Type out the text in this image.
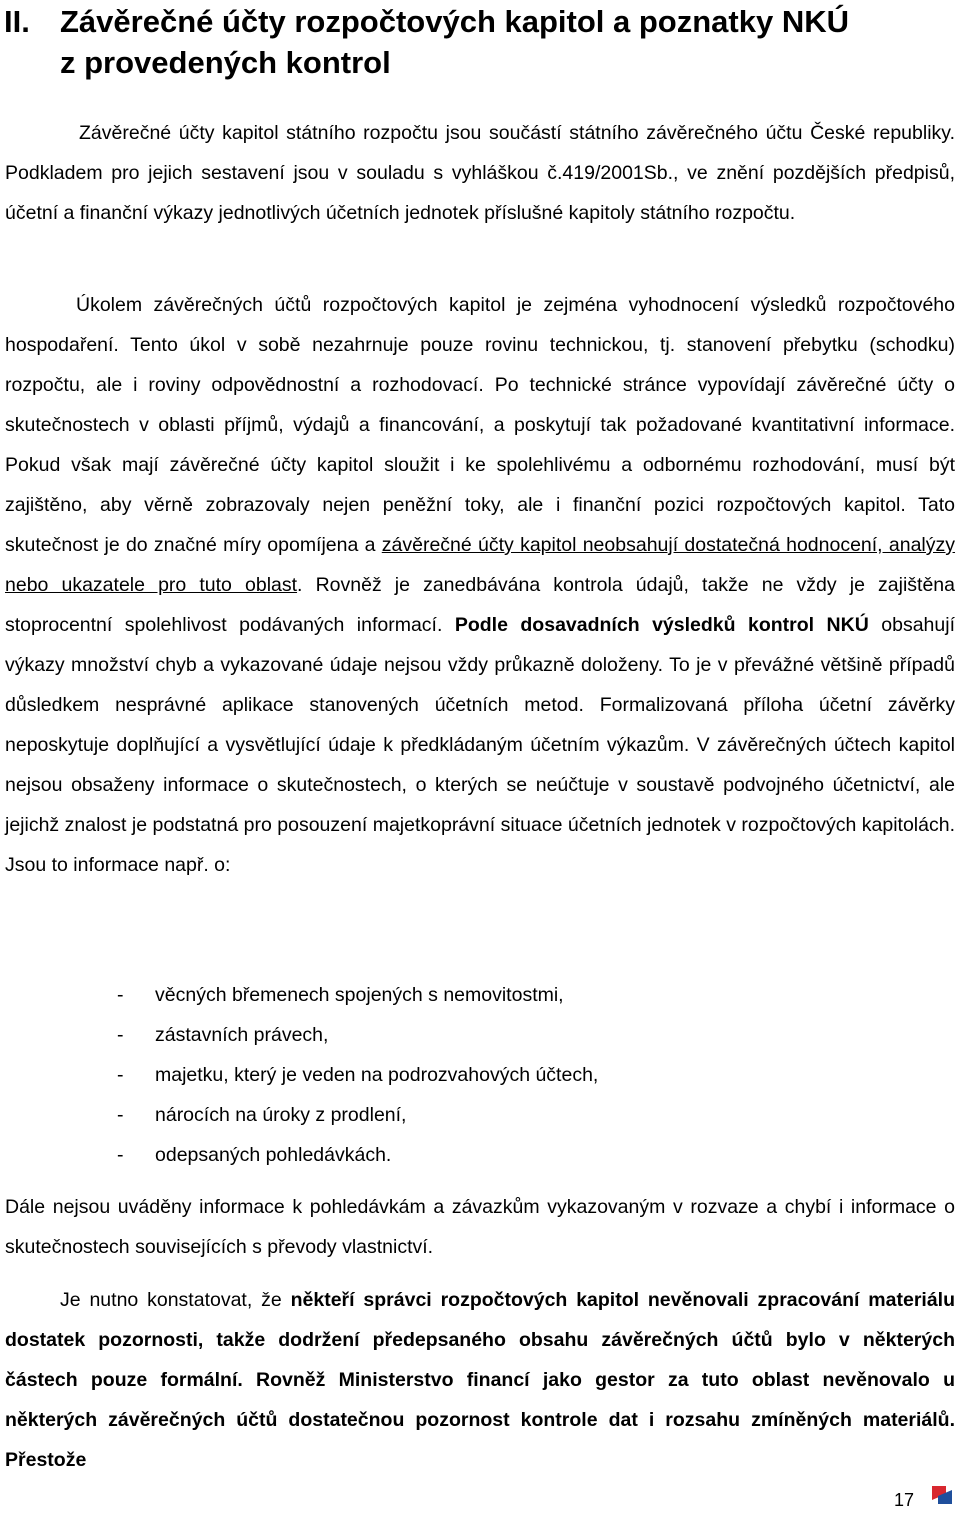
II. Závěrečné účty rozpočtových kapitol a poznatky NKÚ
z provedených kontrol

Závěrečné účty kapitol státního rozpočtu jsou součástí státního závěrečného účtu České republiky. Podkladem pro jejich sestavení jsou v souladu s vyhláškou č.419/2001Sb., ve znění pozdějších předpisů, účetní a finanční výkazy jednotlivých účetních jednotek příslušné kapitoly státního rozpočtu.

Úkolem závěrečných účtů rozpočtových kapitol je zejména vyhodnocení výsledků rozpočtového hospodaření. Tento úkol v sobě nezahrnuje pouze rovinu technickou, tj. stanovení přebytku (schodku) rozpočtu, ale i roviny odpovědnostní a rozhodovací. Po technické stránce vypovídají závěrečné účty o skutečnostech v oblasti příjmů, výdajů a financování, a poskytují tak požadované kvantitativní informace. Pokud však mají závěrečné účty kapitol sloužit i ke spolehlivému a odbornému rozhodování, musí být zajištěno, aby věrně zobrazovaly nejen peněžní toky, ale i finanční pozici rozpočtových kapitol. Tato skutečnost je do značné míry opomíjena a závěrečné účty kapitol neobsahují dostatečná hodnocení, analýzy nebo ukazatele pro tuto oblast. Rovněž je zanedbávána kontrola údajů, takže ne vždy je zajištěna stoprocentní spolehlivost podávaných informací. Podle dosavadních výsledků kontrol NKÚ obsahují výkazy množství chyb a vykazované údaje nejsou vždy průkazně doloženy. To je v převážné většině případů důsledkem nesprávné aplikace stanovených účetních metod. Formalizovaná příloha účetní závěrky neposkytuje doplňující a vysvětlující údaje k předkládaným účetním výkazům. V závěrečných účtech kapitol nejsou obsaženy informace o skutečnostech, o kterých se neúčtuje v soustavě podvojného účetnictví, ale jejichž znalost je podstatná pro posouzení majetkoprávní situace účetních jednotek v rozpočtových kapitolách. Jsou to informace např. o:

- věcných břemenech spojených s nemovitostmi,
- zástavních právech,
- majetku, který je veden na podrozvahových účtech,
- nárocích na úroky z prodlení,
- odepsaných pohledávkách.

Dále nejsou uváděny informace k pohledávkám a závazkům vykazovaným v rozvaze a chybí i informace o skutečnostech souvisejících s převody vlastnictví.

Je nutno konstatovat, že někteří správci rozpočtových kapitol nevěnovali zpracování materiálu dostatek pozornosti, takže dodržení předepsaného obsahu závěrečných účtů bylo v některých částech pouze formální. Rovněž Ministerstvo financí jako gestor za tuto oblast nevěnovalo u některých závěrečných účtů dostatečnou pozornost kontrole dat i rozsahu zmíněných materiálů. Přestože

17
